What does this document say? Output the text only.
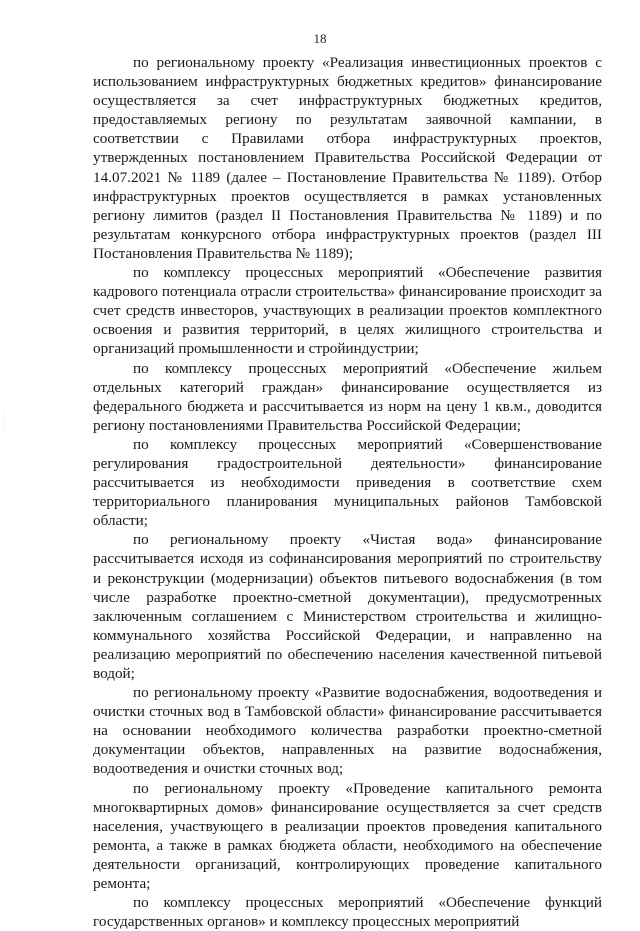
18
·· ··· ·· ····

по региональному проекту «Реализация инвестиционных проектов с использованием инфраструктурных бюджетных кредитов» финансирование осуществляется за счет инфраструктурных бюджетных кредитов, предоставляемых региону по результатам заявочной кампании, в соответствии с Правилами отбора инфраструктурных проектов, утвержденных постановлением Правительства Российской Федерации от 14.07.2021 № 1189 (далее – Постановление Правительства № 1189). Отбор инфраструктурных проектов осуществляется в рамках установленных региону лимитов (раздел II Постановления Правительства № 1189) и по результатам конкурсного отбора инфраструктурных проектов (раздел III Постановления Правительства № 1189);

по комплексу процессных мероприятий «Обеспечение развития кадрового потенциала отрасли строительства» финансирование происходит за счет средств инвесторов, участвующих в реализации проектов комплектного освоения и развития территорий, в целях жилищного строительства и организаций промышленности и стройиндустрии;

по комплексу процессных мероприятий «Обеспечение жильем отдельных категорий граждан» финансирование осуществляется из федерального бюджета и рассчитывается из норм на цену 1 кв.м., доводится региону постановлениями Правительства Российской Федерации;

по комплексу процессных мероприятий «Совершенствование регулирования градостроительной деятельности» финансирование рассчитывается из необходимости приведения в соответствие схем территориального планирования муниципальных районов Тамбовской области;

по региональному проекту «Чистая вода» финансирование рассчитывается исходя из софинансирования мероприятий по строительству и реконструкции (модернизации) объектов питьевого водоснабжения (в том числе разработке проектно-сметной документации), предусмотренных заключенным соглашением с Министерством строительства и жилищно-коммунального хозяйства Российской Федерации, и направленно на реализацию мероприятий по обеспечению населения качественной питьевой водой;

по региональному проекту «Развитие водоснабжения, водоотведения и очистки сточных вод в Тамбовской области» финансирование рассчитывается на основании необходимого количества разработки проектно-сметной документации объектов, направленных на развитие водоснабжения, водоотведения и очистки сточных вод;

по региональному проекту «Проведение капитального ремонта многоквартирных домов» финансирование осуществляется за счет средств населения, участвующего в реализации проектов проведения капитального ремонта, а также в рамках бюджета области, необходимого на обеспечение деятельности организаций, контролирующих проведение капитального ремонта;

по комплексу процессных мероприятий «Обеспечение функций государственных органов» и комплексу процессных мероприятий
